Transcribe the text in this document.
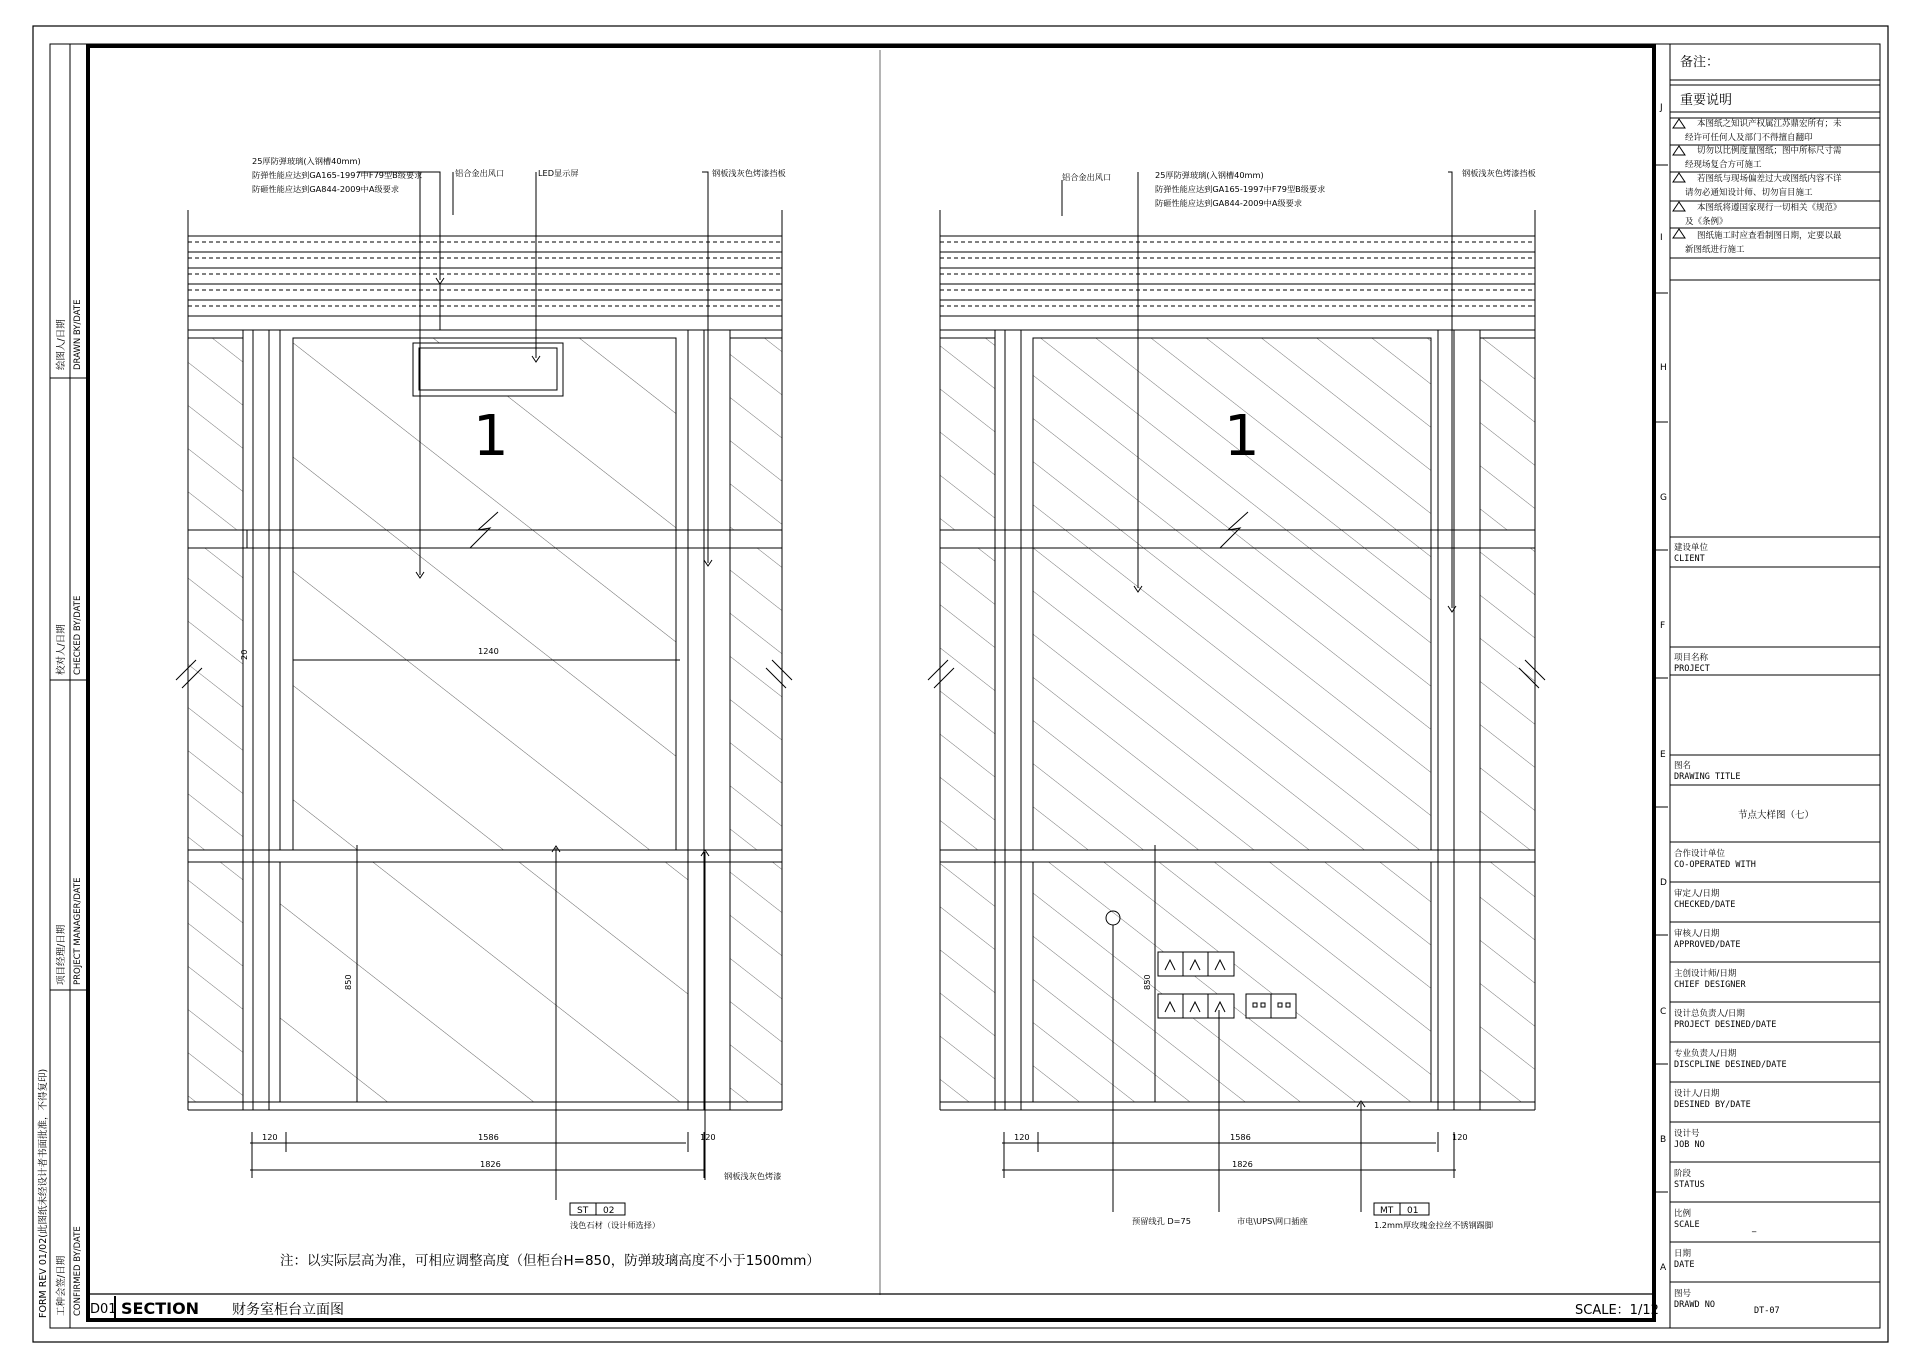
FORM REV 01/02(此图纸未经设计者书面批准，不得复印)
绘图人/日期 DRAWN BY/DATE
校对人/日期 CHECKED BY/DATE
项目经理/日期 PROJECT MANAGER/DATE
工种会签/日期 CONFIRMED BY/DATE
J
I
H
G
F
E
D
C
B
A
25厚防弹玻璃(入钢槽40mm)
防弹性能应达到GA165-1997中F79型B级要求
防砸性能应达到GA844-2009中A级要求
铝合金出风口	LED显示屏	钢板浅灰色烤漆挡板
1
1240
20
850
120	1586	120
1826
钢板浅灰色烤漆
ST 02
浅色石材（设计师选择）
铝合金出风口	25厚防弹玻璃(入钢槽40mm)
防弹性能应达到GA165-1997中F79型B级要求
防砸性能应达到GA844-2009中A级要求
钢板浅灰色烤漆挡板
1
850
120	1586	120
1826
预留线孔 D=75	市电\UPS\网口插座
MT 01
1.2mm厚玫瑰金拉丝不锈钢踢脚
注：以实际层高为准，可相应调整高度（但柜台H=850，防弹玻璃高度不小于1500mm）
D01 SECTION 财务室柜台立面图	SCALE：1/12
备注：
重要说明
本图纸之知识产权属江苏鼎宏所有；未
经许可任何人及部门不得擅自翻印
切勿以比例度量图纸；图中所标尺寸需
经现场复合方可施工
若图纸与现场偏差过大或图纸内容不详
请勿必通知设计师、切勿盲目施工
本图纸将遵国家现行一切相关《规范》
及《条例》
图纸施工时应查看制图日期，定要以最
新图纸进行施工
建设单位
CLIENT
项目名称
PROJECT
图名
DRAWING TITLE
节点大样图（七）
合作设计单位
CO-OPERATED WITH
审定人/日期
CHECKED/DATE
审核人/日期
APPROVED/DATE
主创设计师/日期
CHIEF DESIGNER
设计总负责人/日期
PROJECT DESINED/DATE
专业负责人/日期
DISCPLINE DESINED/DATE
设计人/日期
DESINED BY/DATE
设计号
JOB NO
阶段
STATUS
比例
SCALE	_
日期
DATE
图号
DRAWD NO
DT-07
